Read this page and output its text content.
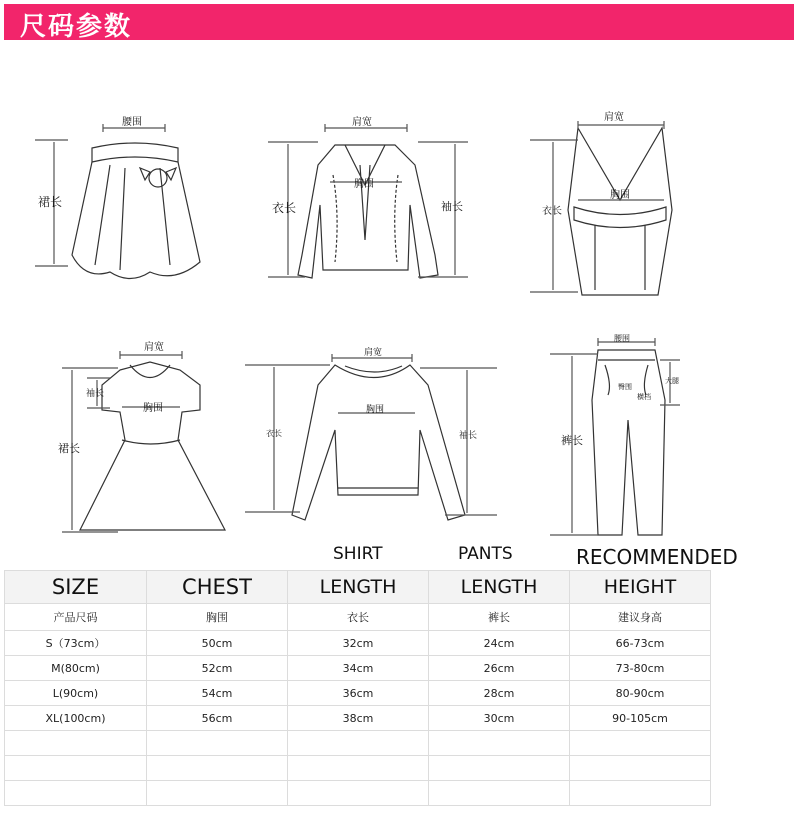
尺码参数
腰围
裙长
肩宽
胸围
衣长	袖长
肩宽
胸围
衣长
肩宽
袖长
胸围
裙长
肩宽
胸围
衣长	袖长
腰围
臀围
横档
大腿
裤长
SHIRT	PANTS	RECOMMENDED
SIZE	CHEST	LENGTH	LENGTH	HEIGHT
产品尺码	胸围	衣长	裤长	建议身高
S（73cm）	50cm	32cm	24cm	66-73cm
M(80cm)	52cm	34cm	26cm	73-80cm
L(90cm)	54cm	36cm	28cm	80-90cm
XL(100cm)	56cm	38cm	30cm	90-105cm
